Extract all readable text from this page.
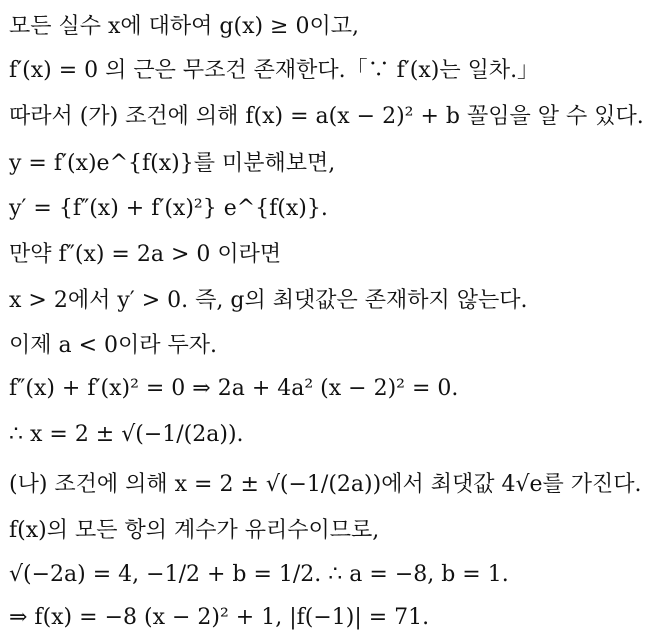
모든 실수 x에 대하여 g(x) ≥ 0이고,
f′(x) = 0 의 근은 무조건 존재한다.「∵ f′(x)는 일차.」
따라서 (가) 조건에 의해 f(x) = a(x − 2)² + b 꼴임을 알 수 있다.
y = f′(x)e^{f(x)}를 미분해보면,
y′ = {f″(x) + f′(x)²} e^{f(x)}.
만약 f″(x) = 2a > 0 이라면
x > 2에서 y′ > 0. 즉, g의 최댓값은 존재하지 않는다.
이제 a < 0이라 두자.
f″(x) + f′(x)² = 0 ⇒ 2a + 4a² (x − 2)² = 0.
∴ x = 2 ± √(−1/(2a)).
(나) 조건에 의해 x = 2 ± √(−1/(2a))에서 최댓값 4√e를 가진다.
f(x)의 모든 항의 계수가 유리수이므로,
√(−2a) = 4, −1/2 + b = 1/2. ∴ a = −8, b = 1.
⇒ f(x) = −8 (x − 2)² + 1, |f(−1)| = 71.
